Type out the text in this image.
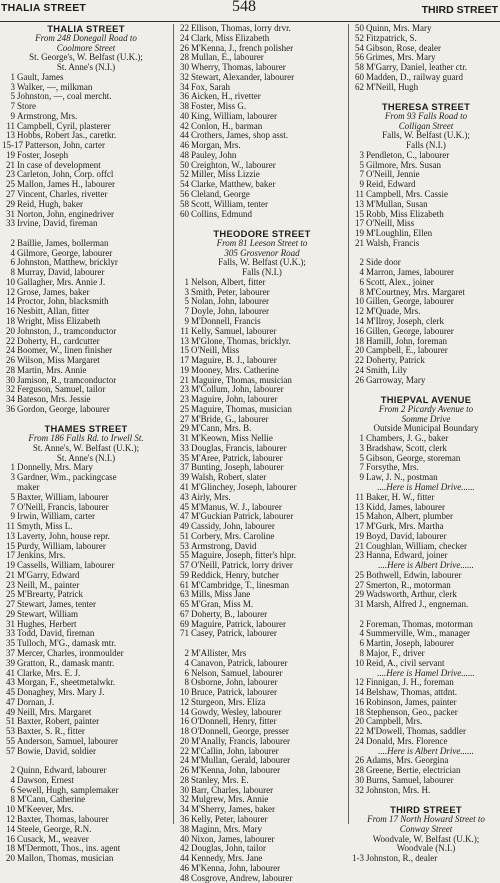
THALIA STREET	548	THIRD STREET
THALIA STREET
From 248 Donegall Road to
Coolmore Street
St. George's, W. Belfast (U.K.);
St. Anne's (N.I.)
1 Gault, James
3 Walker, —, milkman
5 Johnston, —, coal mercht.
7 Store
9 Armstrong, Mrs.
11 Campbell, Cyril, plasterer
13 Hobbs, Robert Jas., caretkr.
15-17 Patterson, John, carter
19 Foster, Joseph
21 In case of development
23 Carleton, John, Corp. offcl
25 Mallon, James H., labourer
27 Vincent, Charles, rivetter
29 Reid, Hugh, baker
31 Norton, John, enginedriver
33 Irvine, David, fireman
2 Baillie, James, bollerman
4 Gilmore, George, labourer
6 Johnston, Matthew, bricklyr
8 Murray, David, labourer
10 Gallagher, Mrs. Annie J.
12 Grose, James, baker
14 Proctor, John, blacksmith
16 Nesbitt, Allan, fitter
18 Wright, Miss Elizabeth
20 Johnston, J., tramconductor
22 Doherty, H., cardcutter
24 Boomer, W., linen finisher
26 Wilson, Miss Margaret
28 Martin, Mrs. Annie
30 Jamison, R., tramconductor
32 Ferguson, Samuel, tailor
34 Bateson, Mrs. Jessie
36 Gordon, George, labourer
THAMES STREET
From 186 Falls Rd. to Irwell St.
St. Anne's, W. Belfast (U.K.);
St. Anne's (N.I.)
1 Donnelly, Mrs. Mary
3 Gardner, Wm., packingcase
maker
5 Baxter, William, labourer
7 O'Neill, Francis, labourer
9 Irwin, William, carter
11 Smyth, Miss L.
13 Laverty, John, house repr.
15 Purdy, William, labourer
17 Jenkins, Mrs.
19 Cassells, William, labourer
21 M'Garry, Edward
23 Neill, M., painter
25 M'Brearty, Patrick
27 Stewart, James, tenter
29 Stewart, William
31 Hughes, Herbert
33 Todd, David, fireman
35 Tulloch, M'G., damask mtr.
37 Mercer, Charles, ironmoulder
39 Gratton, R., damask mantr.
41 Clarke, Mrs. E. J.
43 Morgan, F., sheetmetalwkr.
45 Donaghey, Mrs. Mary J.
47 Dornan, J.
49 Neill, Mrs. Margaret
51 Baxter, Robert, painter
53 Baxter, S. R., fitter
55 Anderson, Samuel, labourer
57 Bowie, David, soldier
2 Quinn, Edward, labourer
4 Dawson, Ernest
6 Sewell, Hugh, samplemaker
8 M'Cann, Catherine
10 M'Keever, Mrs.
12 Baxter, Thomas, labourer
14 Steele, George, R.N.
16 Cusack, M., weaver
18 M'Dermott, Thos., ins. agent
20 Mallon, Thomas, musician
22 Ellison, Thomas, lorry drvr.
24 Clark, Miss Elizabeth
26 M'Kenna, J., french polisher
28 Mullan, E., labourer
30 Wherry, Thomas, labourer
32 Stewart, Alexander, labourer
34 Fox, Sarah
36 Aicken, H., rivetter
38 Foster, Miss G.
40 King, William, labourer
42 Conlon, H., barman
44 Crothers, James, shop asst.
46 Morgan, Mrs.
48 Pauley, John
50 Creighton, W., labourer
52 Miller, Miss Lizzie
54 Clarke, Matthew, baker
56 Cleland, George
58 Scott, William, tenter
60 Collins, Edmund
THEODORE STREET
From 81 Leeson Street to
305 Grosvenor Road
Falls, W. Belfast (U.K.);
Falls (N.I.)
1 Nelson, Albert, fitter
3 Smith, Peter, labourer
5 Nolan, John, labourer
7 Doyle, John, labourer
9 M'Donnell, Francis
11 Kelly, Samuel, labourer
13 M'Glone, Thomas, bricklyr.
15 O'Neill, Miss
17 Maguire, B. J., labourer
19 Mooney, Mrs. Catherine
21 Maguire, Thomas, musician
23 M'Collum, John, labourer
23 Maguire, John, labourer
25 Maguire, Thomas, musician
27 M'Bride, G., labourer
29 M'Cann, Mrs. B.
31 M'Keown, Miss Nellie
33 Douglas, Francis, labourer
35 M'Aree, Patrick, labourer
37 Bunting, Joseph, labourer
39 Walsh, Robert, slater
41 M'Glinchey, Joseph, labourer
43 Airly, Mrs.
45 M'Manus, W. J., labourer
47 M'Guckian Patrick, labourer
49 Cassidy, John, labourer
51 Corbery, Mrs. Caroline
53 Armstrong, David
55 Maguire, Joseph, fitter's hlpr.
57 O'Neill, Patrick, lorry driver
59 Reddick, Henry, butcher
61 M'Cambridge, T., linesman
63 Mills, Miss Jane
65 M'Gran, Miss M.
67 Doherty, B., labourer
69 Maguire, Patrick, labourer
71 Casey, Patrick, labourer
2 M'Allister, Mrs
4 Canavon, Patrick, labourer
6 Nelson, Samuel, labourer
8 Osborne, John, labourer
10 Bruce, Patrick, labourer
12 Sturgeon, Mrs. Eliza
14 Gowdy, Wesley, labourer
16 O'Donnell, Henry, fitter
18 O'Donnell, George, presser
20 M'Anally, Francis, labourer
22 M'Callin, John, labourer
24 M'Mullan, Gerald, labourer
26 M'Kenna, John, labourer
28 Stanley, Mrs. E.
30 Barr, Charles, labourer
32 Mulgrew, Mrs. Annie
34 M'Sherry, James, baker
36 Kelly, Peter, labourer
38 Maginn, Mrs. Mary
40 Nixon, James, labourer
42 Douglas, John, tailor
44 Kennedy, Mrs. Jane
46 M'Kenna, John, labourer
48 Cosgrove, Andrew, labourer
50 Quinn, Mrs. Mary
52 Fitzpatrick, S.
54 Gibson, Rose, dealer
56 Grimes, Mrs. Mary
58 M'Garry, Daniel, leather ctr.
60 Madden, D., railway guard
62 M'Neill, Hugh
THERESA STREET
From 93 Falls Road to
Colligan Street
Falls, W. Belfast (U.K.);
Falls (N.I.)
3 Pendleton, C., labourer
5 Gilmore, Mrs. Susan
7 O'Neill, Jennie
9 Reid, Edward
11 Campbell, Mrs. Cassie
13 M'Mullan, Susan
15 Robb, Miss Elizabeth
17 O'Neill, Miss
19 M'Loughlin, Ellen
21 Walsh, Francis
2 Side door
4 Marron, James, labourer
6 Scott, Alex., joiner
8 M'Courtney, Mrs. Margaret
10 Gillen, George, labourer
12 M'Quade, Mrs.
14 M'Ilroy, Joseph, clerk
16 Gillen, George, labourer
18 Hamill, John, foreman
20 Campbell, E., labourer
22 Doherty, Patrick
24 Smith, Lily
26 Garroway, Mary
THIEPVAL AVENUE
From 2 Picardy Avenue to
Somme Drive
Outside Municipal Boundary
1 Chambers, J. G., baker
3 Bradshaw, Scott, clerk
5 Gibson, George, storeman
7 Forsythe, Mrs.
9 Law, J. N., postman
....Here is Hamel Drive......
11 Baker, H. W., fitter
13 Kidd, James, labourer
15 Mahon, Albert, plumber
17 M'Gurk, Mrs. Martha
19 Boyd, David, labourer
21 Coughlan, William, checker
23 Hanna, Edward, joiner
....Here is Albert Drive......
25 Bothwell, Edwin, labourer
27 Smerton, R., motorman
29 Wadsworth, Arthur, clerk
31 Marsh, Alfred J., engneman.
2 Foreman, Thomas, motorman
4 Summerville, Wm., manager
6 Martin, Joseph, labourer
8 Major, F., driver
10 Reid, A., civil servant
....Here is Hamel Drive......
12 Finnigan, J. H., foreman
14 Belshaw, Thomas, attdnt.
16 Robinson, James, painter
18 Stephenson, Geo., packer
20 Campbell, Mrs.
22 M'Dowell, Thomas, saddler
24 Donald, Mrs. Florence
....Here is Albert Drive......
26 Adams, Mrs. Georgina
28 Greene, Bertie, electrician
30 Burns, Samuel, labourer
32 Johnston, Mrs. H.
THIRD STREET
From 17 North Howard Street to
Conway Street
Woodvale, W. Belfast (U.K.);
Woodvale (N.I.)
1-3 Johnston, R., dealer
